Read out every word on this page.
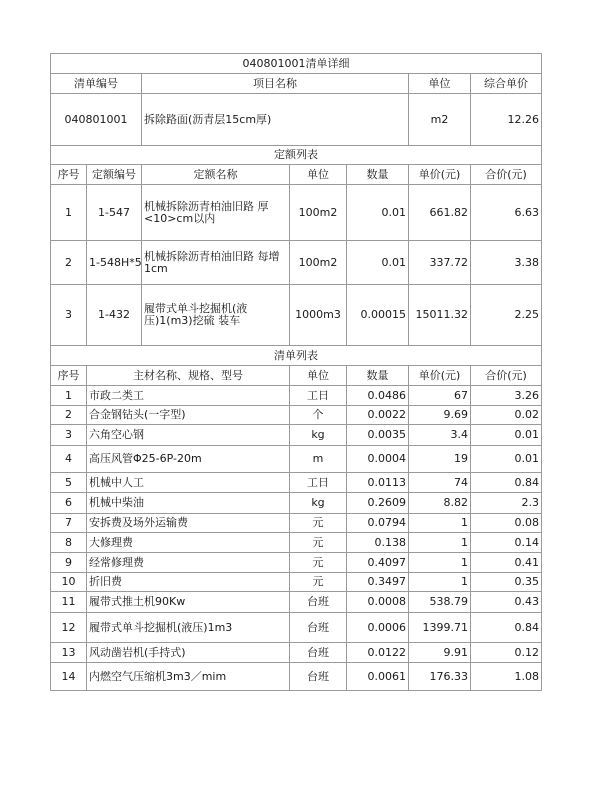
040801001清单详细						
清单编号		项目名称			单位	综合单价
040801001		拆除路面(沥青层15cm厚)			m2	12.26
定额列表						
序号	定额编号	定额名称	单位	数量	单价(元)	合价(元)
1	1-547	机械拆除沥青柏油旧路 厚<10>cm以内	100m2	0.01	661.82	6.63
2	1-548H*5	机械拆除沥青柏油旧路 每增1cm	100m2	0.01	337.72	3.38
3	1-432	履带式单斗挖掘机(液压)1(m3)挖硫 装车	1000m3	0.00015	15011.32	2.25
清单列表						
序号	主材名称、规格、型号		单位	数量	单价(元)	合价(元)
1	市政二类工		工日	0.0486	67	3.26
2	合金钢钻头(一字型)		个	0.0022	9.69	0.02
3	六角空心钢		kg	0.0035	3.4	0.01
4	高压风管Φ25-6P-20m		m	0.0004	19	0.01
5	机械中人工		工日	0.0113	74	0.84
6	机械中柴油		kg	0.2609	8.82	2.3
7	安拆费及场外运输费		元	0.0794	1	0.08
8	大修理费		元	0.138	1	0.14
9	经常修理费		元	0.4097	1	0.41
10	折旧费		元	0.3497	1	0.35
11	履带式推土机90Kw		台班	0.0008	538.79	0.43
12	履带式单斗挖掘机(液压)1m3		台班	0.0006	1399.71	0.84
13	风动凿岩机(手持式)		台班	0.0122	9.91	0.12
14	内燃空气压缩机3m3／mim		台班	0.0061	176.33	1.08
